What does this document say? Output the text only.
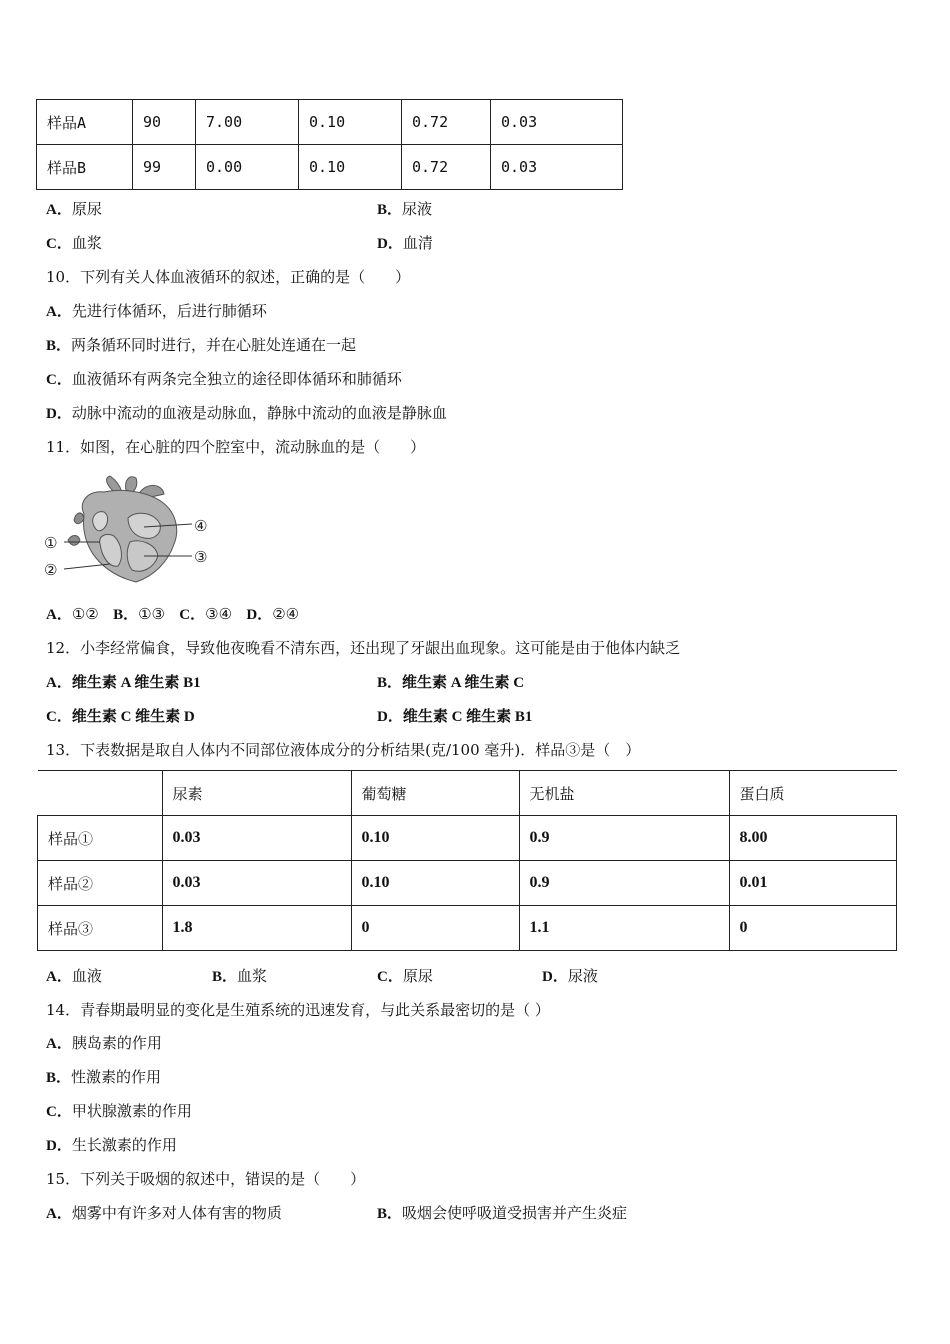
样品A	90	7.00	0.10	0.72	0.03
样品B	99	0.00	0.10	0.72	0.03
A．原尿	B．尿液
C．血浆	D．血清
10．下列有关人体血液循环的叙述，正确的是（　　）
A．先进行体循环，后进行肺循环
B．两条循环同时进行，并在心脏处连通在一起
C．血液循环有两条完全独立的途径即体循环和肺循环
D．动脉中流动的血液是动脉血，静脉中流动的血液是静脉血
11．如图，在心脏的四个腔室中，流动脉血的是（　　）
①
②
③
④
A．①② B．①③ C．③④ D．②④
12．小李经常偏食，导致他夜晚看不清东西，还出现了牙龈出血现象。这可能是由于他体内缺乏
A．维生素 A 维生素 B1	B．维生素 A 维生素 C
C．维生素 C 维生素 D	D．维生素 C 维生素 B1
13．下表数据是取自人体内不同部位液体成分的分析结果(克/100 毫升)．样品③是（　）
	尿素	葡萄糖	无机盐	蛋白质
样品①	0.03	0.10	0.9	8.00
样品②	0.03	0.10	0.9	0.01
样品③	1.8	0	1.1	0
A．血液	B．血浆	C．原尿	D．尿液
14．青春期最明显的变化是生殖系统的迅速发育，与此关系最密切的是（ ）
A．胰岛素的作用
B．性激素的作用
C．甲状腺激素的作用
D．生长激素的作用
15．下列关于吸烟的叙述中，错误的是（　　）
A．烟雾中有许多对人体有害的物质	B．吸烟会使呼吸道受损害并产生炎症
